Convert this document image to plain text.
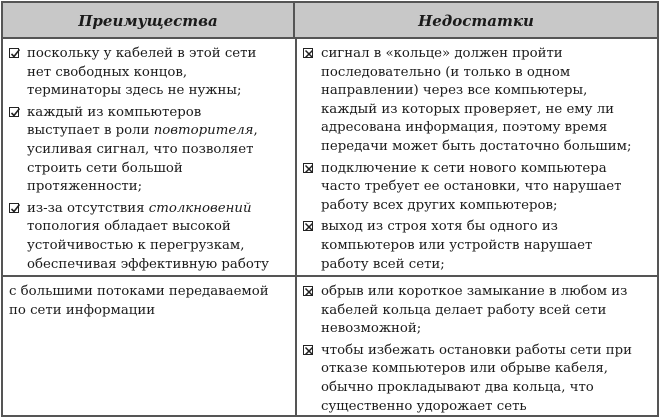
Преимущества	Недостатки
поскольку у кабелей в этой сети
нет свободных концов,
терминаторы здесь не нужны;
каждый из компьютеров
выступает в роли повторителя,
усиливая сигнал, что позволяет
строить сети большой
протяженности;
из-за отсутствия столкновений
топология обладает высокой
устойчивостью к перегрузкам,
обеспечивая эффективную работу
с большими потоками передаваемой
по сети информации
сигнал в «кольце» должен пройти
последовательно (и только в одном
направлении) через все компьютеры,
каждый из которых проверяет, не ему ли
адресована информация, поэтому время
передачи может быть достаточно большим;
подключение к сети нового компьютера
часто требует ее остановки, что нарушает
работу всех других компьютеров;
выход из строя хотя бы одного из
компьютеров или устройств нарушает
работу всей сети;
обрыв или короткое замыкание в любом из
кабелей кольца делает работу всей сети
невозможной;
чтобы избежать остановки работы сети при
отказе компьютеров или обрыве кабеля,
обычно прокладывают два кольца, что
существенно удорожает сеть
